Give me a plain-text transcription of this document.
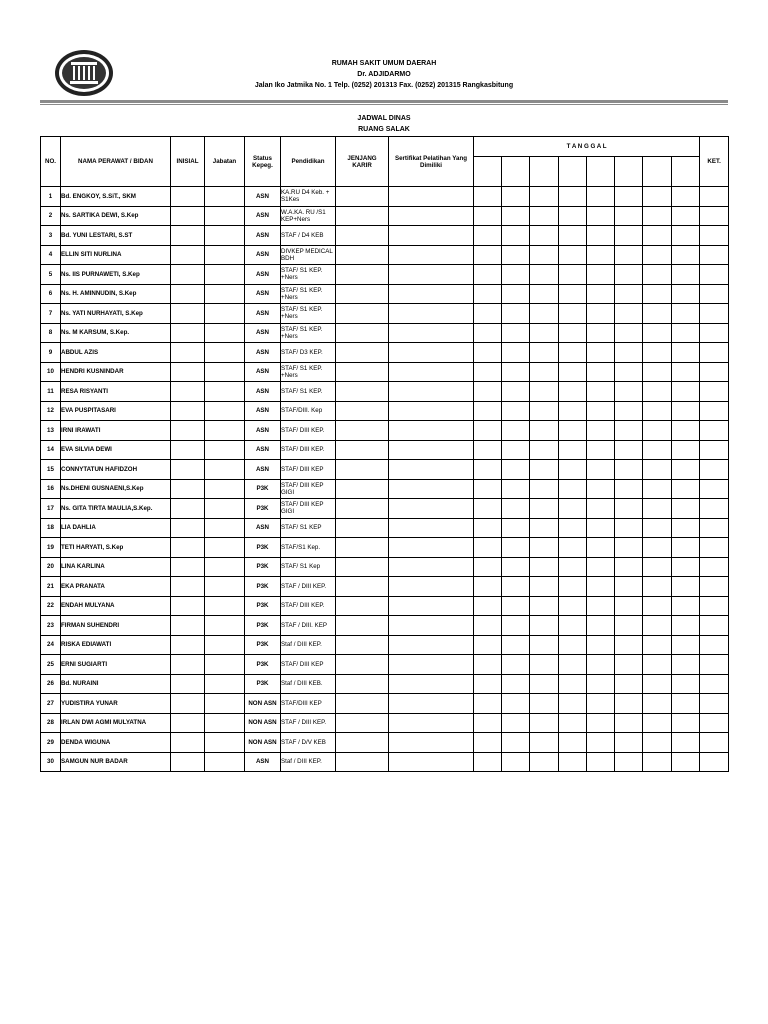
RUMAH SAKIT UMUM DAERAH
Dr. ADJIDARMO
Jalan Iko Jatmika No. 1 Telp. (0252) 201313 Fax. (0252) 201315 Rangkasbitung
JADWAL DINAS
RUANG SALAK
NO.	NAMA PERAWAT / BIDAN	INISIAL	Jabatan	Status
Kepeg.	Pendidikan	JENJANG
KARIR	Sertifikat Pelatihan Yang
Dimiliki	T A N G G A L								KET.

1	Bd. ENGKOY, S.SiT., SKM			ASN	KA.RU D4 Keb. + S1Kes											
2	Ns. SARTIKA DEWI, S.Kep			ASN	W.A.KA. RU /S1 KEP+Ners											
3	Bd. YUNI LESTARI, S.ST			ASN	STAF / D4 KEB											
4	ELLIN SITI NURLINA			ASN	DIVKEP MEDICAL BDH											
5	Ns. IIS PURNAWETI, S.Kep			ASN	STAF/ S1 KEP. +Ners											
6	Ns. H. AMINNUDIN, S.Kep			ASN	STAF/ S1 KEP. +Ners											
7	Ns. YATI NURHAYATI, S.Kep			ASN	STAF/ S1 KEP. +Ners											
8	Ns. M KARSUM, S.Kep.			ASN	STAF/ S1 KEP. +Ners											
9	ABDUL AZIS			ASN	STAF/ D3 KEP.											
10	HENDRI KUSNINDAR			ASN	STAF/ S1 KEP. +Ners											
11	RESA RISYANTI			ASN	STAF/ S1 KEP.											
12	EVA PUSPITASARI			ASN	STAF/DIII. Kep											
13	IRNI IRAWATI			ASN	STAF/ DIII KEP.											
14	EVA SILVIA DEWI			ASN	STAF/ DIII KEP.											
15	CONNYTATUN HAFIDZOH			ASN	STAF/ DIII KEP											
16	Ns.DHENI GUSNAENI,S.Kep			P3K	STAF/ DIII KEP GIGI											
17	Ns. GITA TIRTA MAULIA,S.Kep.			P3K	STAF/ DIII KEP GIGI											
18	LIA DAHLIA			ASN	STAF/ S1 KEP											
19	TETI HARYATI, S.Kep			P3K	STAF/S1 Kep.											
20	LINA KARLINA			P3K	STAF/ S1 Kep											
21	EKA PRANATA			P3K	STAF / DIII KEP.											
22	ENDAH MULYANA			P3K	STAF/ DIII KEP.											
23	FIRMAN SUHENDRI			P3K	STAF / DIII. KEP											
24	RISKA EDIAWATI			P3K	Staf / DIII KEP.											
25	ERNI SUGIARTI			P3K	STAF/ DIII KEP											
26	Bd. NURAINI			P3K	Staf / DIII KEB.											
27	YUDISTIRA YUNAR			NON ASN	STAF/DIII KEP											
28	IRLAN DWI AGMI MULYATNA			NON ASN	STAF / DIII KEP.											
29	DENDA WIGUNA			NON ASN	STAF / D/V KEB											
30	SAMGUN NUR BADAR			ASN	Staf / DIII KEP.											
